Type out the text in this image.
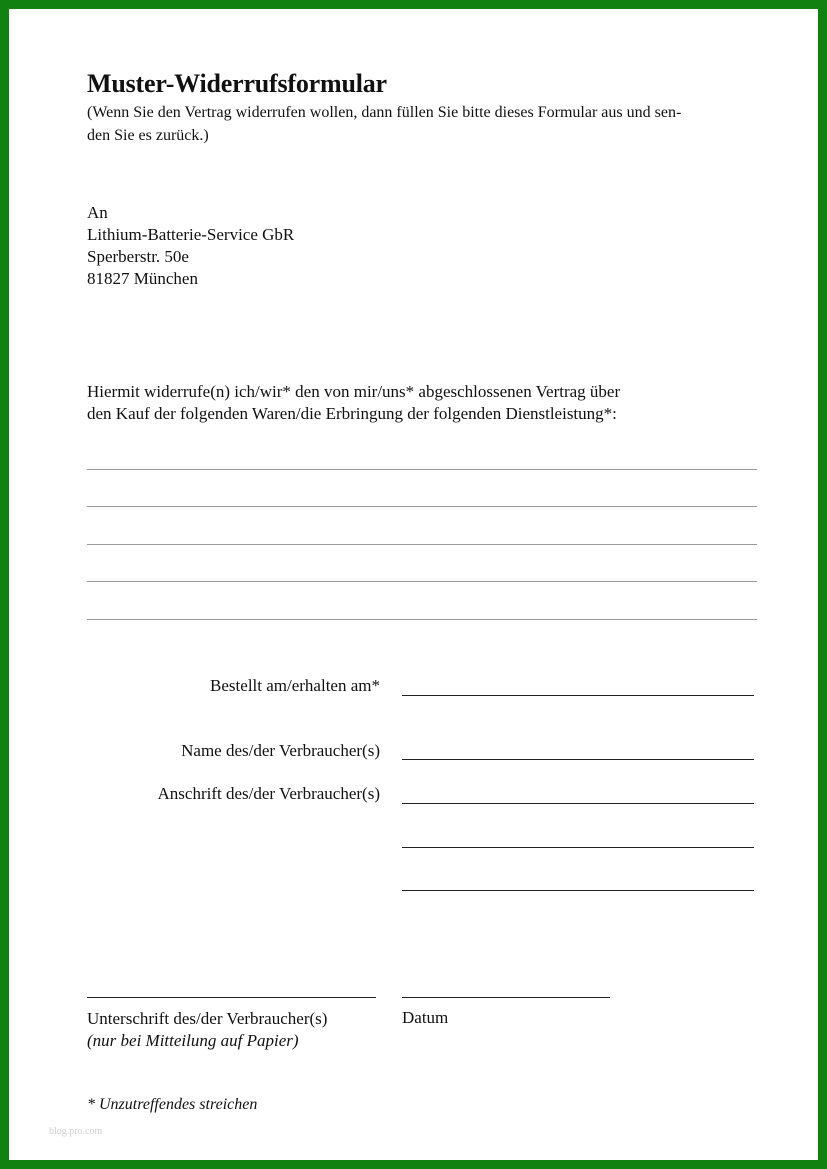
Muster-Widerrufsformular
(Wenn Sie den Vertrag widerrufen wollen, dann füllen Sie bitte dieses Formular aus und sen-
den Sie es zurück.)
An
Lithium-Batterie-Service GbR
Sperberstr. 50e
81827 München
Hiermit widerrufe(n) ich/wir* den von mir/uns* abgeschlossenen Vertrag über
den Kauf der folgenden Waren/die Erbringung der folgenden Dienstleistung*:
Bestellt am/erhalten am*
Name des/der Verbraucher(s)
Anschrift des/der Verbraucher(s)
Unterschrift des/der Verbraucher(s)
(nur bei Mitteilung auf Papier)
Datum
* Unzutreffendes streichen
blog.pro.com
